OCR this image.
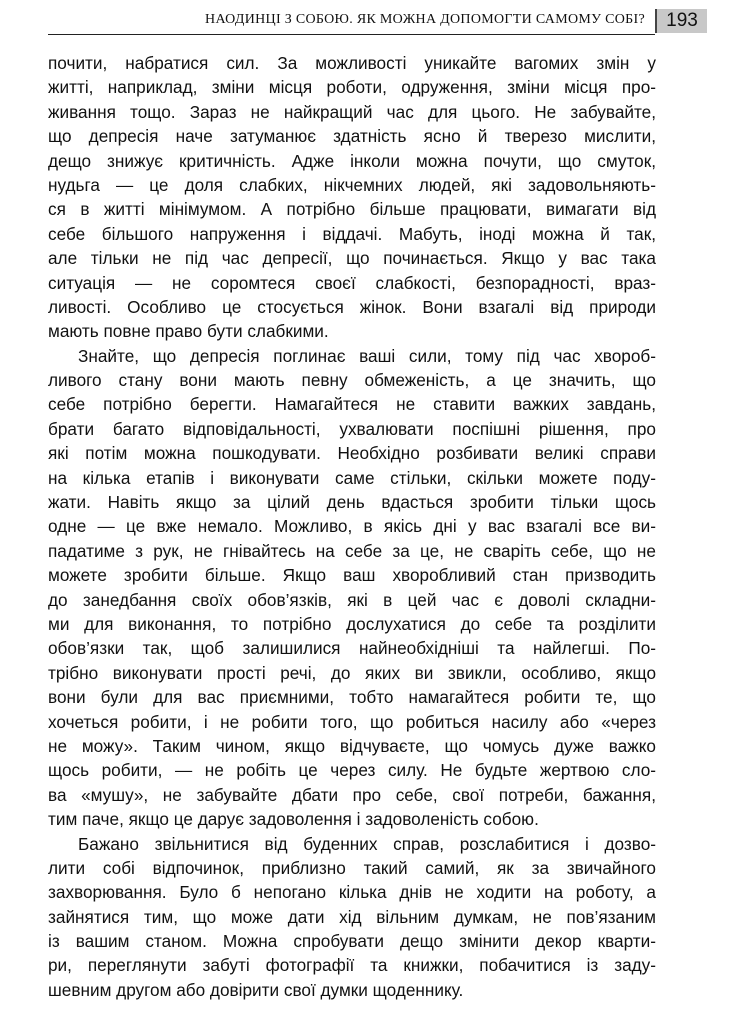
НАОДИНЦІ З СОБОЮ. ЯК МОЖНА ДОПОМОГТИ САМОМУ СОБІ?	193
почити, набратися сил. За можливості уникайте вагомих змін у
житті, наприклад, зміни місця роботи, одруження, зміни місця про-
живання тощо. Зараз не найкращий час для цього. Не забувайте,
що депресія наче затуманює здатність ясно й тверезо мислити,
дещо знижує критичність. Адже інколи можна почути, що смуток,
нудьга — це доля слабких, нікчемних людей, які задовольняють-
ся в житті мінімумом. А потрібно більше працювати, вимагати від
себе більшого напруження і віддачі. Мабуть, іноді можна й так,
але тільки не під час депресії, що починається. Якщо у вас така
ситуація — не соромтеся своєї слабкості, безпорадності, враз-
ливості. Особливо це стосується жінок. Вони взагалі від природи
мають повне право бути слабкими.
Знайте, що депресія поглинає ваші сили, тому під час хвороб-
ливого стану вони мають певну обмеженість, а це значить, що
себе потрібно берегти. Намагайтеся не ставити важких завдань,
брати багато відповідальності, ухвалювати поспішні рішення, про
які потім можна пошкодувати. Необхідно розбивати великі справи
на кілька етапів і виконувати саме стільки, скільки можете поду-
жати. Навіть якщо за цілий день вдасться зробити тільки щось
одне — це вже немало. Можливо, в якісь дні у вас взагалі все ви-
падатиме з рук, не гнівайтесь на себе за це, не сваріть себе, що не
можете зробити більше. Якщо ваш хворобливий стан призводить
до занедбання своїх обов’язків, які в цей час є доволі складни-
ми для виконання, то потрібно дослухатися до себе та розділити
обов’язки так, щоб залишилися найнеобхідніші та найлегші. По-
трібно виконувати прості речі, до яких ви звикли, особливо, якщо
вони були для вас приємними, тобто намагайтеся робити те, що
хочеться робити, і не робити того, що робиться насилу або «через
не можу». Таким чином, якщо відчуваєте, що чомусь дуже важко
щось робити, — не робіть це через силу. Не будьте жертвою сло-
ва «мушу», не забувайте дбати про себе, свої потреби, бажання,
тим паче, якщо це дарує задоволення і задоволеність собою.
Бажано звільнитися від буденних справ, розслабитися і дозво-
лити собі відпочинок, приблизно такий самий, як за звичайного
захворювання. Було б непогано кілька днів не ходити на роботу, а
зайнятися тим, що може дати хід вільним думкам, не пов’язаним
із вашим станом. Можна спробувати дещо змінити декор кварти-
ри, переглянути забуті фотографії та книжки, побачитися із заду-
шевним другом або довірити свої думки щоденнику.
